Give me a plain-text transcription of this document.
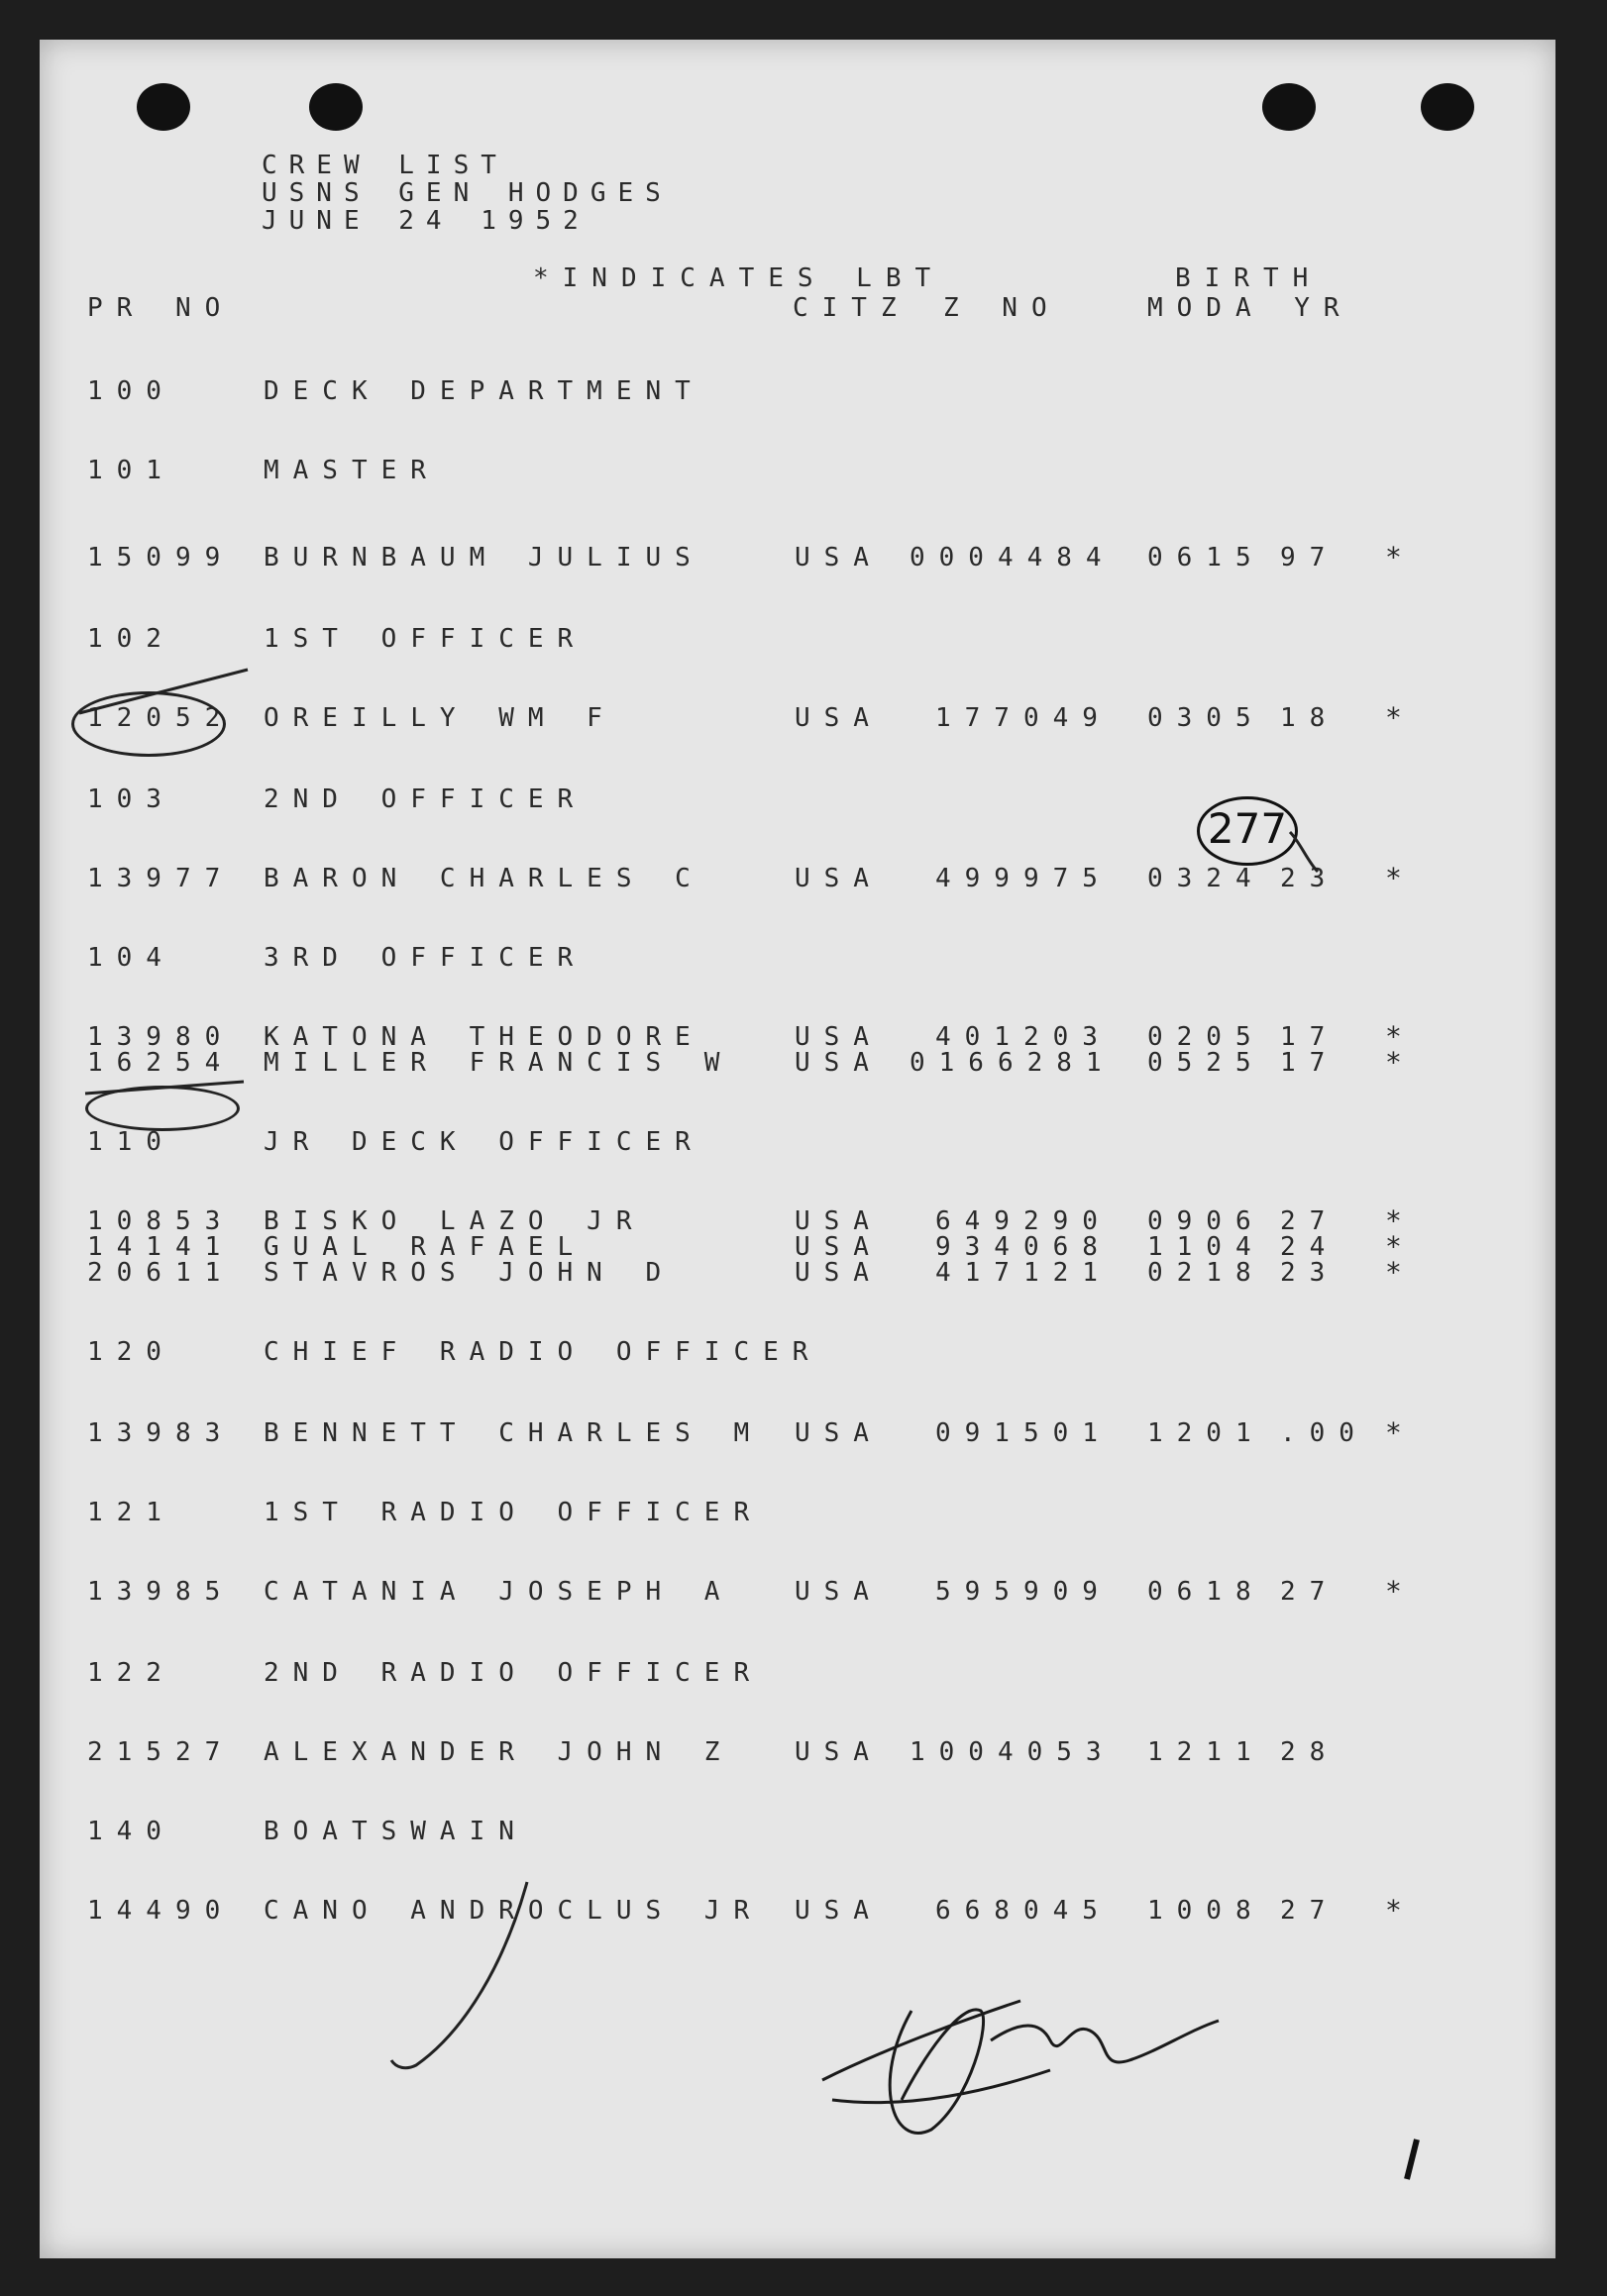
CREW LIST

USNS GEN HODGES

JUNE 24 1952

*INDICATES LBT	BIRTH

PR NO	CITZ Z NO	MODA YR

100	DECK DEPARTMENT

101	MASTER

15099 BURNBAUM JULIUS	USA 0004484 0615 97 *

102	1ST OFFICER

12052 OREILLY WM F	USA 177049 0305 18 *

103	2ND OFFICER

13977 BARON CHARLES C	USA 499975 0324 23 *

104	3RD OFFICER

13980 KATONA THEODORE	USA 401203 0205 17 *

16254 MILLER FRANCIS W USA 0166281 0525 17 *

110	JR DECK OFFICER

10853 BISKO LAZO JR	USA 649290 0906 27 *

14141 GUAL RAFAEL	USA 934068 1104 24 *

20611 STAVROS JOHN D	USA 417121 0218 23 *

120	CHIEF RADIO OFFICER

13983 BENNETT CHARLES M USA 091501 1201 .00 *

121	1ST RADIO OFFICER

13985 CATANIA JOSEPH A USA 595909 0618 27 *

122	2ND RADIO OFFICER

21527 ALEXANDER JOHN Z USA 1004053 1211 28

140	BOATSWAIN

14490 CANO ANDROCLUS JR USA 668045 1008 27 *
277
